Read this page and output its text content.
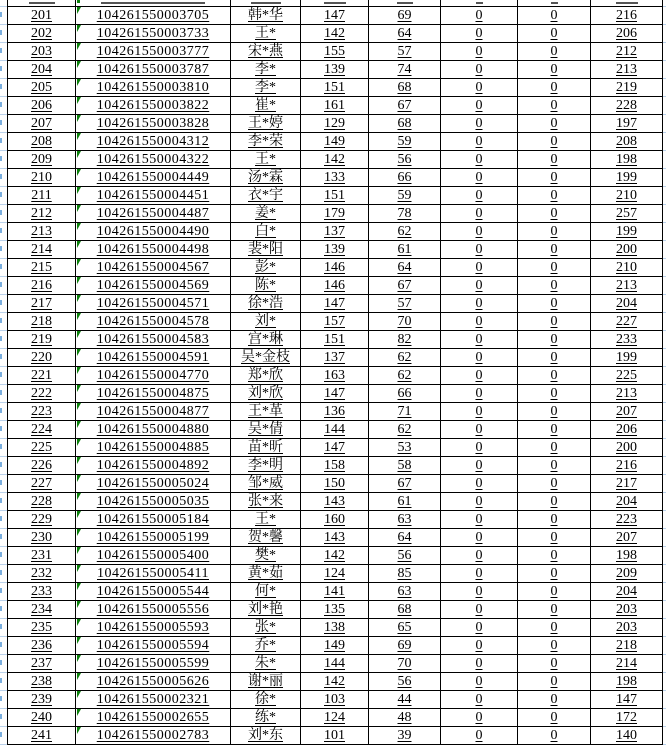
201	104261550003705	韩*华	147	69	0	0	216
202	104261550003733	王*	142	64	0	0	206
203	104261550003777	宋*燕	155	57	0	0	212
204	104261550003787	李*	139	74	0	0	213
205	104261550003810	李*	151	68	0	0	219
206	104261550003822	崔*	161	67	0	0	228
207	104261550003828	王*婷	129	68	0	0	197
208	104261550004312	李*荣	149	59	0	0	208
209	104261550004322	王*	142	56	0	0	198
210	104261550004449	汤*霖	133	66	0	0	199
211	104261550004451	衣*宇	151	59	0	0	210
212	104261550004487	姜*	179	78	0	0	257
213	104261550004490	白*	137	62	0	0	199
214	104261550004498	裴*阳	139	61	0	0	200
215	104261550004567	彭*	146	64	0	0	210
216	104261550004569	陈*	146	67	0	0	213
217	104261550004571	徐*浩	147	57	0	0	204
218	104261550004578	刘*	157	70	0	0	227
219	104261550004583	宫*琳	151	82	0	0	233
220	104261550004591	吴*金枝	137	62	0	0	199
221	104261550004770	郑*欣	163	62	0	0	225
222	104261550004875	刘*欣	147	66	0	0	213
223	104261550004877	王*革	136	71	0	0	207
224	104261550004880	吴*倩	144	62	0	0	206
225	104261550004885	苗*昕	147	53	0	0	200
226	104261550004892	李*明	158	58	0	0	216
227	104261550005024	邹*威	150	67	0	0	217
228	104261550005035	张*来	143	61	0	0	204
229	104261550005184	王*	160	63	0	0	223
230	104261550005199	贺*馨	143	64	0	0	207
231	104261550005400	樊*	142	56	0	0	198
232	104261550005411	黄*茹	124	85	0	0	209
233	104261550005544	何*	141	63	0	0	204
234	104261550005556	刘*艳	135	68	0	0	203
235	104261550005593	张*	138	65	0	0	203
236	104261550005594	乔*	149	69	0	0	218
237	104261550005599	朱*	144	70	0	0	214
238	104261550005626	谢*丽	142	56	0	0	198
239	104261550002321	徐*	103	44	0	0	147
240	104261550002655	练*	124	48	0	0	172
241	104261550002783	刘*东	101	39	0	0	140
